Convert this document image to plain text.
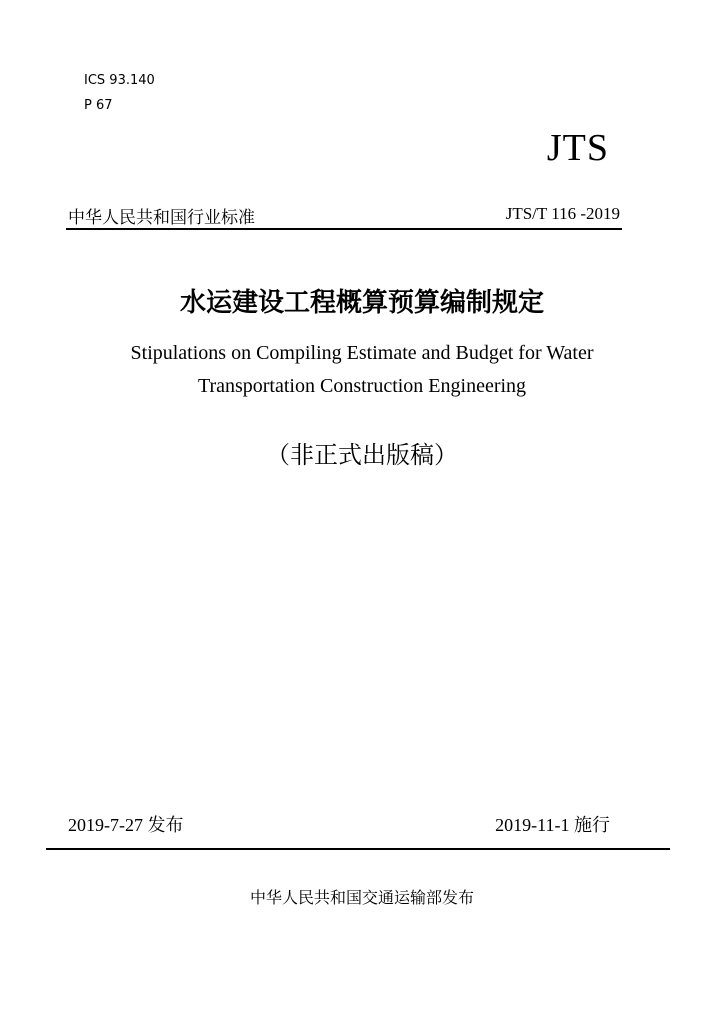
ICS 93.140
P 67
JTS
中华人民共和国行业标准	JTS/T 116 -2019
水运建设工程概算预算编制规定
Stipulations on Compiling Estimate and Budget for Water
Transportation Construction Engineering
（非正式出版稿）
2019-7-27 发布	2019-11-1 施行
中华人民共和国交通运输部发布
